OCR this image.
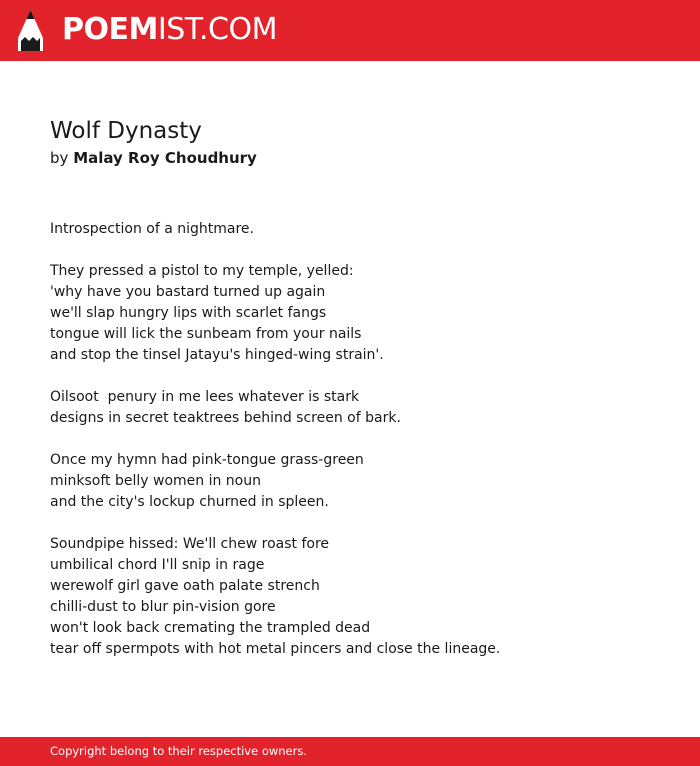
POEMIST.COM
Wolf Dynasty
by Malay Roy Choudhury
Introspection of a nightmare.
They pressed a pistol to my temple, yelled:
'why have you bastard turned up again
we'll slap hungry lips with scarlet fangs
tongue will lick the sunbeam from your nails
and stop the tinsel Jatayu's hinged-wing strain'.
Oilsoot  penury in me lees whatever is stark
designs in secret teaktrees behind screen of bark.
Once my hymn had pink-tongue grass-green
minksoft belly women in noun
and the city's lockup churned in spleen.
Soundpipe hissed: We'll chew roast fore
umbilical chord I'll snip in rage
werewolf girl gave oath palate strench
chilli-dust to blur pin-vision gore
won't look back cremating the trampled dead
tear off spermpots with hot metal pincers and close the lineage.
Copyright belong to their respective owners.
